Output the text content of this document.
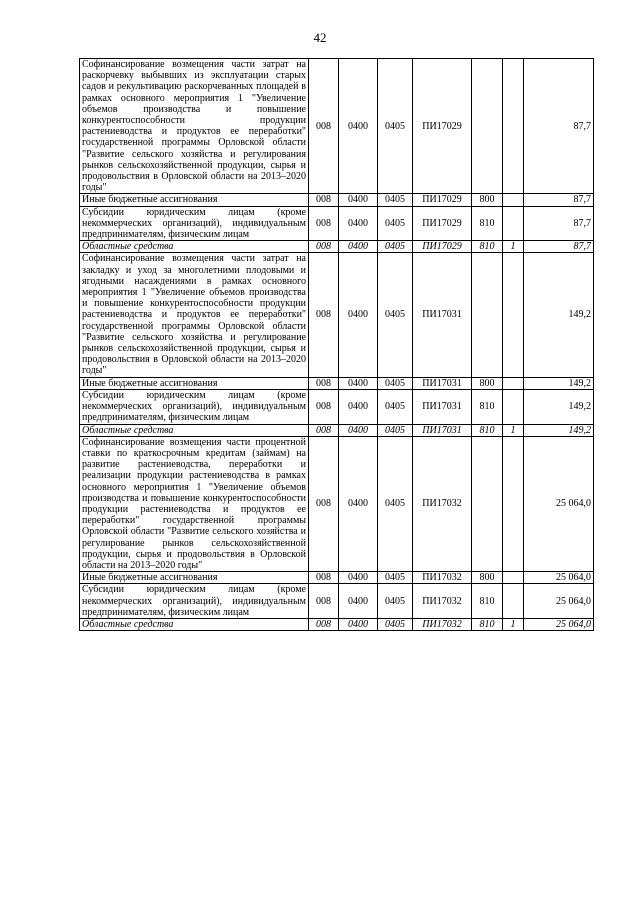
42
Софинансирование возмещения части затрат на раскорчевку выбывших из эксплуатации старых садов и рекультивацию раскорчеванных площадей в рамках основного мероприятия 1 "Увеличение объемов производства и повышение конкурентоспособности продукции растениеводства и продуктов ее переработки" государственной программы Орловской области "Развитие сельского хозяйства и регулирования рынков сельскохозяйственной продукции, сырья и продовольствия в Орловской области на 2013–2020 годы"	008	0400	0405	ПИ17029			87,7
Иные бюджетные ассигнования	008	0400	0405	ПИ17029	800		87,7
Субсидии юридическим лицам (кроме некоммерческих организаций), индивидуальным предпринимателям, физическим лицам	008	0400	0405	ПИ17029	810		87,7
Областные средства	008	0400	0405	ПИ17029	810	1	87,7
Софинансирование возмещения части затрат на закладку и уход за многолетними плодовыми и ягодными насаждениями в рамках основного мероприятия 1 "Увеличение объемов производства и повышение конкурентоспособности продукции растениеводства и продуктов ее переработки" государственной программы Орловской области "Развитие сельского хозяйства и регулирование рынков сельскохозяйственной продукции, сырья и продовольствия в Орловской области на 2013–2020 годы"	008	0400	0405	ПИ17031			149,2
Иные бюджетные ассигнования	008	0400	0405	ПИ17031	800		149,2
Субсидии юридическим лицам (кроме некоммерческих организаций), индивидуальным предпринимателям, физическим лицам	008	0400	0405	ПИ17031	810		149,2
Областные средства	008	0400	0405	ПИ17031	810	1	149,2
Софинансирование возмещения части процентной ставки по краткосрочным кредитам (займам) на развитие растениеводства, переработки и реализации продукции растениеводства в рамках основного мероприятия 1 "Увеличение объемов производства и повышение конкурентоспособности продукции растениеводства и продуктов ее переработки" государственной программы Орловской области "Развитие сельского хозяйства и регулирование рынков сельскохозяйственной продукции, сырья и продовольствия в Орловской области на 2013–2020 годы"	008	0400	0405	ПИ17032			25 064,0
Иные бюджетные ассигнования	008	0400	0405	ПИ17032	800		25 064,0
Субсидии юридическим лицам (кроме некоммерческих организаций), индивидуальным предпринимателям, физическим лицам	008	0400	0405	ПИ17032	810		25 064,0
Областные средства	008	0400	0405	ПИ17032	810	1	25 064,0
